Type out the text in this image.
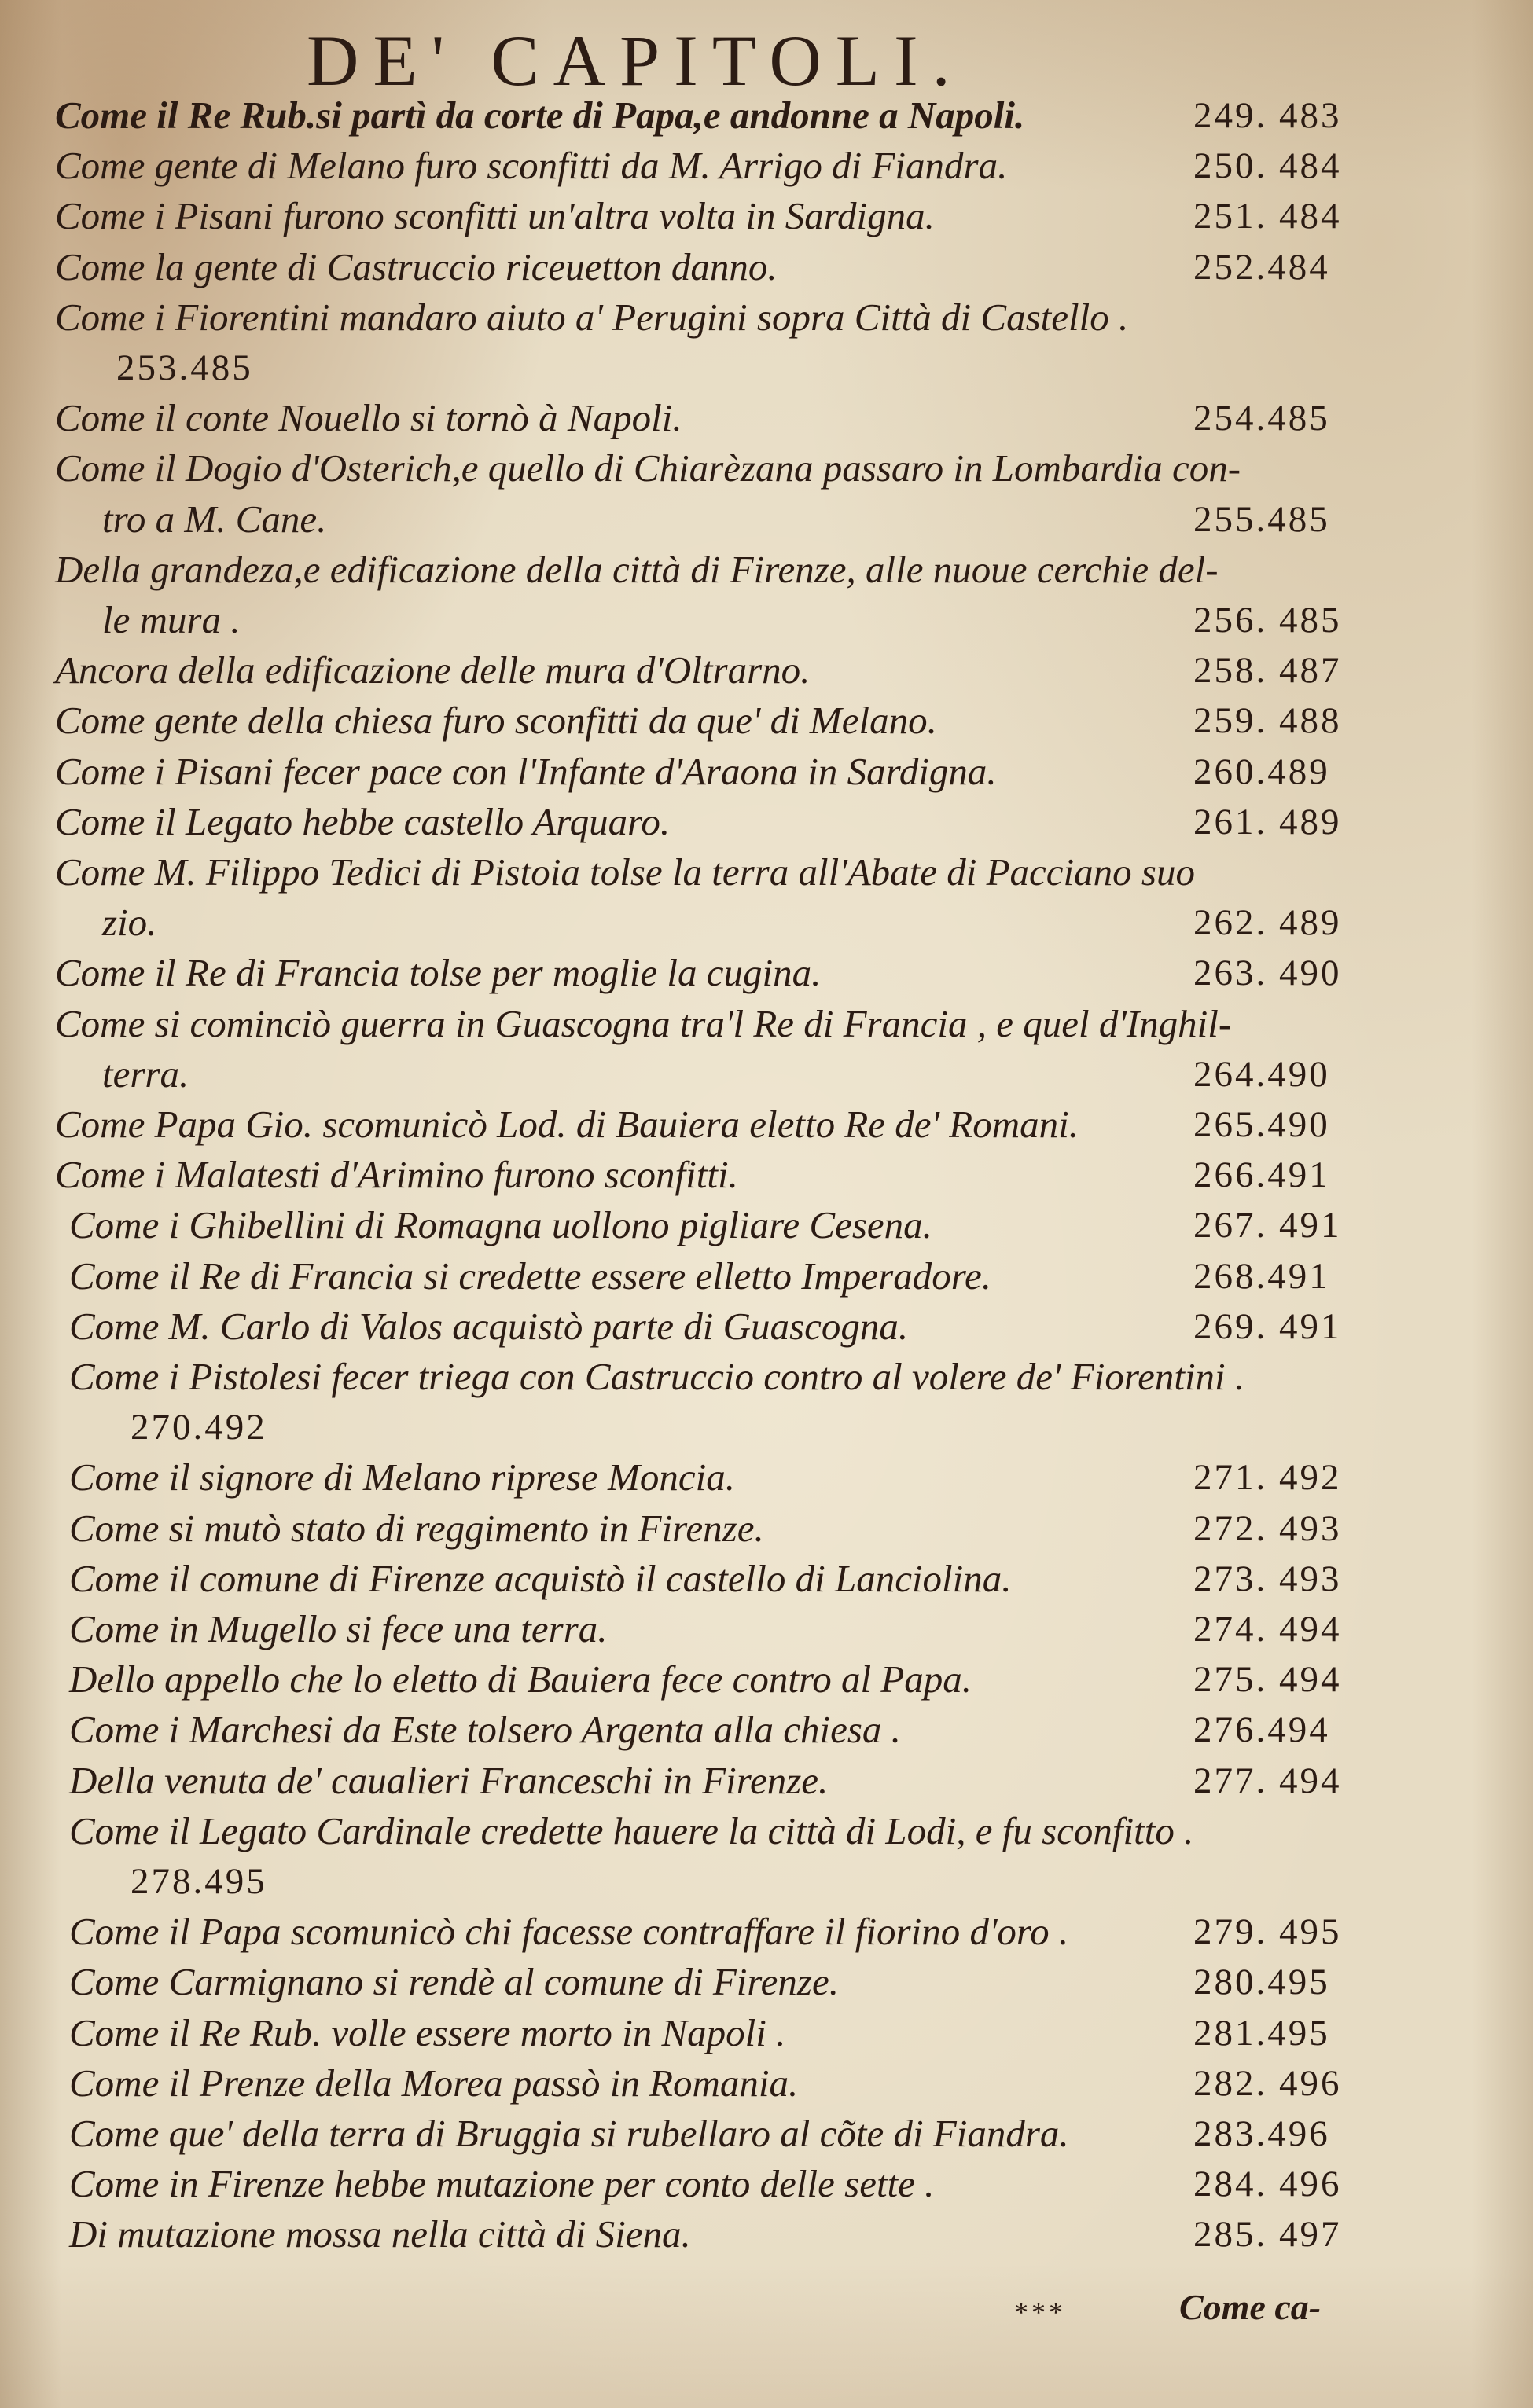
DE' CAPITOLI.
Come il Re Rub.si partì da corte di Papa,e andonne a Napoli.	249. 483
Come gente di Melano furo sconfitti da M. Arrigo di Fiandra.	250. 484
Come i Pisani furono sconfitti un'altra volta in Sardigna.	251. 484
Come la gente di Castruccio riceuetton danno.	252.484
Come i Fiorentini mandaro aiuto a' Perugini sopra Città di Castello .
253.485
Come il conte Nouello si tornò à Napoli.	254.485
Come il Dogio d'Osterich,e quello di Chiarèzana passaro in Lombardia con-
tro a M. Cane.	255.485
Della grandeza,e edificazione della città di Firenze, alle nuoue cerchie del-
le mura .	256. 485
Ancora della edificazione delle mura d'Oltrarno.	258. 487
Come gente della chiesa furo sconfitti da que' di Melano.	259. 488
Come i Pisani fecer pace con l'Infante d'Araona in Sardigna.	260.489
Come il Legato hebbe castello Arquaro.	261. 489
Come M. Filippo Tedici di Pistoia tolse la terra all'Abate di Pacciano suo
zio.	262. 489
Come il Re di Francia tolse per moglie la cugina.	263. 490
Come si cominciò guerra in Guascogna tra'l Re di Francia , e quel d'Inghil-
terra.	264.490
Come Papa Gio. scomunicò Lod. di Bauiera eletto Re de' Romani.	265.490
Come i Malatesti d'Arimino furono sconfitti.	266.491
Come i Ghibellini di Romagna uollono pigliare Cesena.	267. 491
Come il Re di Francia si credette essere elletto Imperadore.	268.491
Come M. Carlo di Valos acquistò parte di Guascogna.	269. 491
Come i Pistolesi fecer triega con Castruccio contro al volere de' Fiorentini .
270.492
Come il signore di Melano riprese Moncia.	271. 492
Come si mutò stato di reggimento in Firenze.	272. 493
Come il comune di Firenze acquistò il castello di Lanciolina.	273. 493
Come in Mugello si fece una terra.	274. 494
Dello appello che lo eletto di Bauiera fece contro al Papa.	275. 494
Come i Marchesi da Este tolsero Argenta alla chiesa .	276.494
Della venuta de' caualieri Franceschi in Firenze.	277. 494
Come il Legato Cardinale credette hauere la città di Lodi, e fu sconfitto .
278.495
Come il Papa scomunicò chi facesse contraffare il fiorino d'oro .	279. 495
Come Carmignano si rendè al comune di Firenze.	280.495
Come il Re Rub. volle essere morto in Napoli .	281.495
Come il Prenze della Morea passò in Romania.	282. 496
Come que' della terra di Bruggia si rubellaro al cõte di Fiandra.	283.496
Come in Firenze hebbe mutazione per conto delle sette .	284. 496
Di mutazione mossa nella città di Siena.	285. 497
***	Come ca-
